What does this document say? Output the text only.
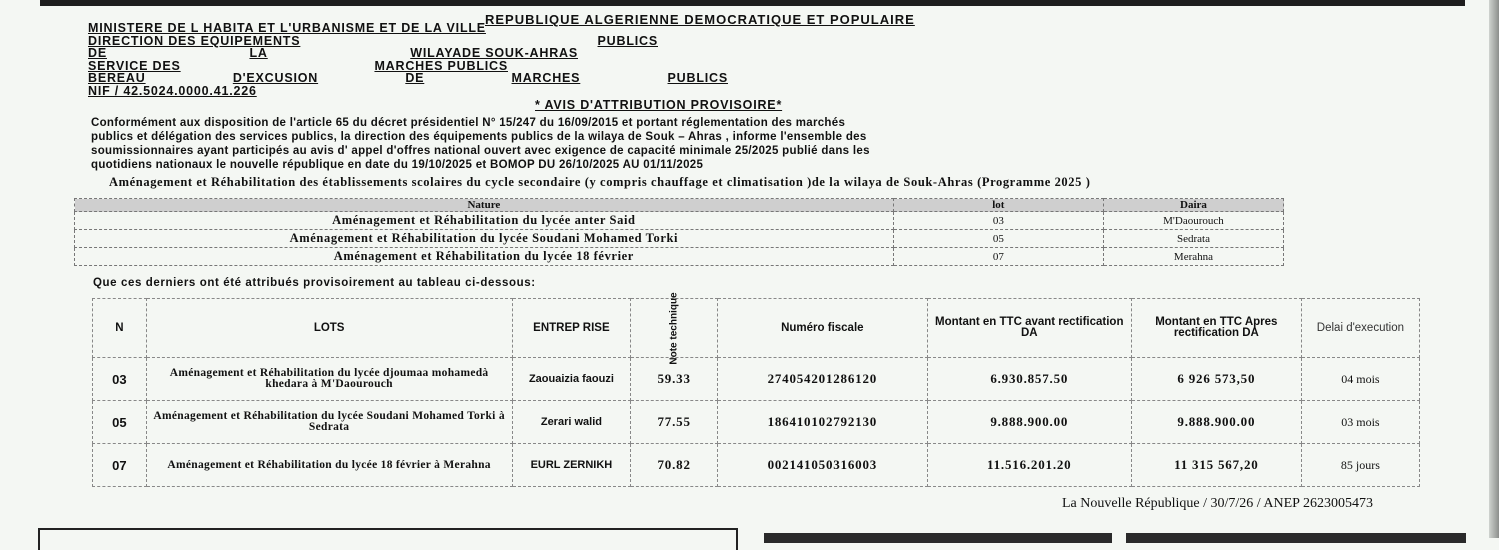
REPUBLIQUE ALGERIENNE DEMOCRATIQUE ET POPULAIRE
MINISTERE DE L HABITA ET L'URBANISME ET DE LA VILLE
DIRECTION DES EQUIPEMENTS	PUBLICS
DE	LA	WILAYADE SOUK-AHRAS
SERVICE DES	MARCHES PUBLICS
BEREAU	D'EXCUSION	DE	MARCHES	PUBLICS
NIF / 42.5024.0000.41.226
* AVIS D'ATTRIBUTION PROVISOIRE*
Conformément aux disposition de l'article 65 du décret présidentiel N° 15/247 du 16/09/2015 et portant réglementation des marchés
publics et délégation des services publics, la direction des équipements publics de la wilaya de Souk – Ahras , informe l'ensemble des
soumissionnaires ayant participés au avis d' appel d'offres national ouvert avec exigence de capacité minimale 25/2025 publié dans les
quotidiens nationaux le nouvelle république en date du 19/10/2025 et BOMOP DU 26/10/2025 AU 01/11/2025
Aménagement et Réhabilitation des établissements scolaires du cycle secondaire (y compris chauffage et climatisation )de la wilaya de Souk-Ahras (Programme 2025 )
Nature	lot	Daira
Aménagement et Réhabilitation du lycée anter Said	03	M'Daourouch
Aménagement et Réhabilitation du lycée Soudani Mohamed Torki	05	Sedrata
Aménagement et Réhabilitation du lycée 18 février	07	Merahna
Que ces derniers ont été attribués provisoirement au tableau ci-dessous:
N	LOTS	ENTREP RISE	Note technique	Numéro fiscale	Montant en TTC avant rectification DA	Montant en TTC Apres rectification DA	Delai d'execution
03	Aménagement et Réhabilitation du lycée djoumaa mohamedà khedara à M'Daourouch	Zaouaizia faouzi	59.33	274054201286120	6.930.857.50	6 926 573,50	04 mois
05	Aménagement et Réhabilitation du lycée Soudani Mohamed Torki à Sedrata	Zerari walid	77.55	186410102792130	9.888.900.00	9.888.900.00	03 mois
07	Aménagement et Réhabilitation du lycée 18 février à Merahna	EURL ZERNIKH	70.82	002141050316003	11.516.201.20	11 315 567,20	85 jours
La Nouvelle République / 30/7/26 / ANEP 2623005473
